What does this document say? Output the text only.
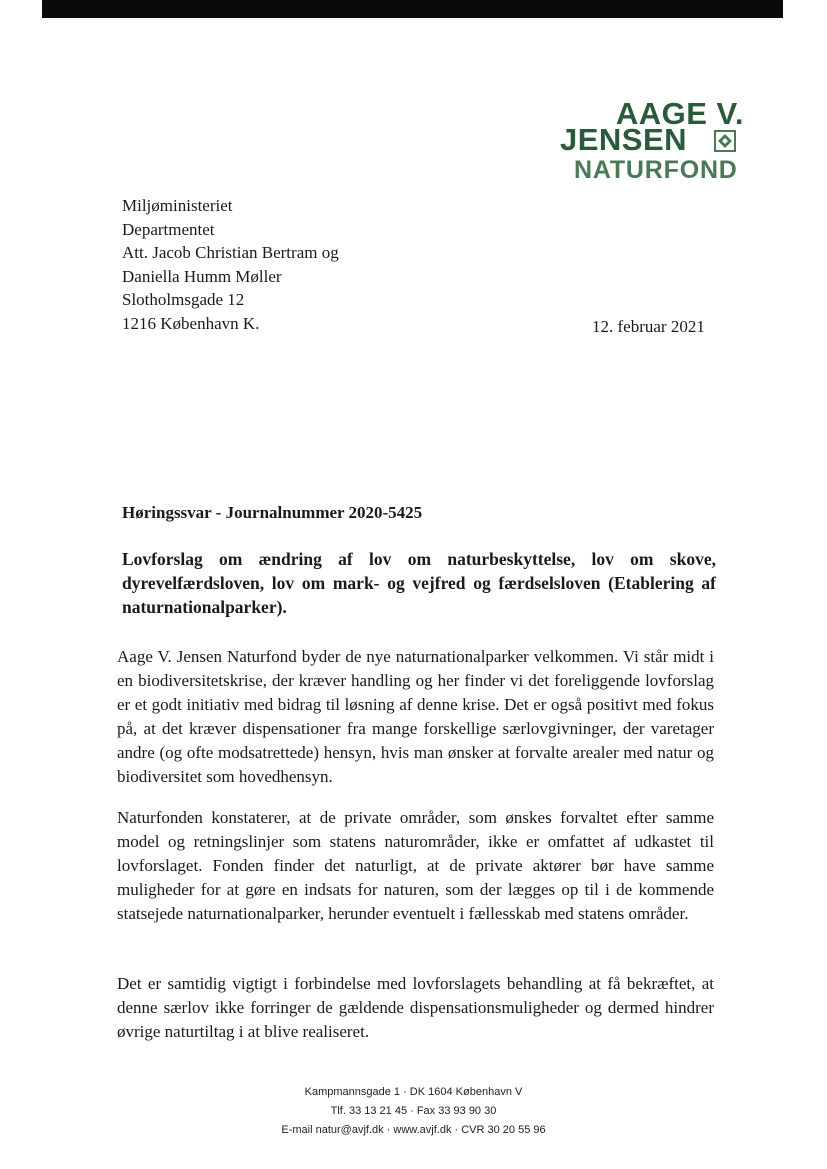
AAGE V.
JENSEN
NATURFOND
Miljøministeriet
Departmentet
Att. Jacob Christian Bertram og
Daniella Humm Møller
Slotholmsgade 12
1216 København K.	12. februar 2021
Høringssvar - Journalnummer 2020-5425
Lovforslag om ændring af lov om naturbeskyttelse, lov om skove, dyrevelfærdsloven, lov om mark- og vejfred og færdselsloven (Etablering af naturnationalparker).
Aage V. Jensen Naturfond byder de nye naturnationalparker velkommen. Vi står midt i en biodiversitetskrise, der kræver handling og her finder vi det foreliggende lovforslag er et godt initiativ med bidrag til løsning af denne krise. Det er også positivt med fokus på, at det kræver dispensationer fra mange forskellige særlovgivninger, der varetager andre (og ofte modsatrettede) hensyn, hvis man ønsker at forvalte arealer med natur og biodiversitet som hovedhensyn.
Naturfonden konstaterer, at de private områder, som ønskes forvaltet efter samme model og retningslinjer som statens naturområder, ikke er omfattet af udkastet til lovforslaget. Fonden finder det naturligt, at de private aktører bør have samme muligheder for at gøre en indsats for naturen, som der lægges op til i de kommende statsejede naturnationalparker, herunder eventuelt i fællesskab med statens områder.
Det er samtidig vigtigt i forbindelse med lovforslagets behandling at få bekræftet, at denne særlov ikke forringer de gældende dispensationsmuligheder og dermed hindrer øvrige naturtiltag i at blive realiseret.
Kampmannsgade 1 · DK 1604 København V
Tlf. 33 13 21 45 · Fax 33 93 90 30
E-mail natur@avjf.dk · www.avjf.dk · CVR 30 20 55 96
